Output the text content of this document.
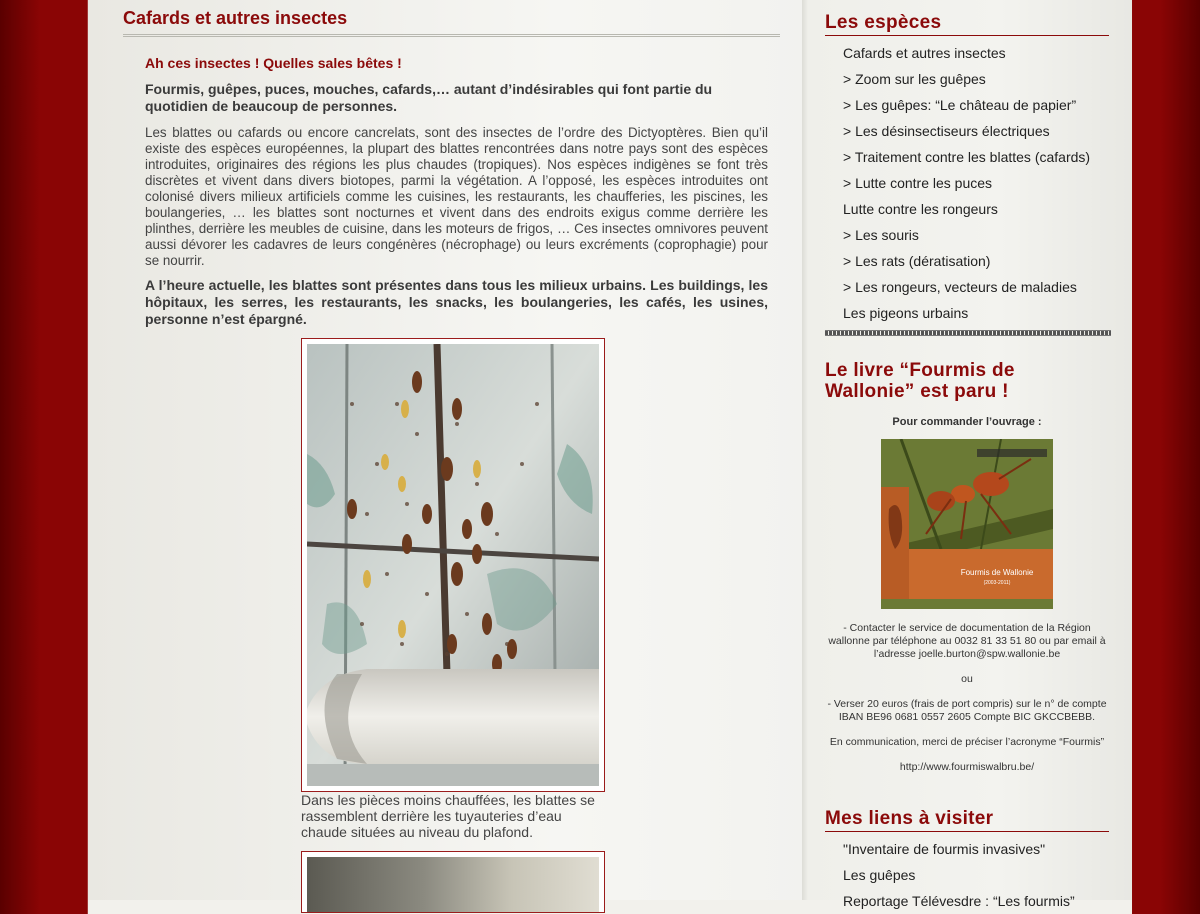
Cafards et autres insectes

Ah ces insectes ! Quelles sales bêtes !

Fourmis, guêpes, puces, mouches, cafards,… autant d’indésirables qui font partie du quotidien de beaucoup de personnes.

Les blattes ou cafards ou encore cancrelats, sont des insectes de l’ordre des Dictyoptères. Bien qu’il existe des espèces européennes, la plupart des blattes rencontrées dans notre pays sont des espèces introduites, originaires des régions les plus chaudes (tropiques). Nos espèces indigènes se font très discrètes et vivent dans divers biotopes, parmi la végétation. A l’opposé, les espèces introduites ont colonisé divers milieux artificiels comme les cuisines, les restaurants, les chaufferies, les piscines, les boulangeries, … les blattes sont nocturnes et vivent dans des endroits exigus comme derrière les plinthes, derrière les meubles de cuisine, dans les moteurs de frigos, … Ces insectes omnivores peuvent aussi dévorer les cadavres de leurs congénères (nécrophage) ou leurs excréments (coprophagie) pour se nourrir.

A l’heure actuelle, les blattes sont présentes dans tous les milieux urbains. Les buildings, les hôpitaux, les serres, les restaurants, les snacks, les boulangeries, les cafés, les usines, personne n’est épargné.

Dans les pièces moins chauffées, les blattes se rassemblent derrière les tuyauteries d’eau chaude situées au niveau du plafond.
Les espèces
Cafards et autres insectes
> Zoom sur les guêpes
> Les guêpes: “Le château de papier”
> Les désinsectiseurs électriques
> Traitement contre les blattes (cafards)
> Lutte contre les puces
Lutte contre les rongeurs
> Les souris
> Les rats (dératisation)
> Les rongeurs, vecteurs de maladies
Les pigeons urbains
Le livre “Fourmis de Wallonie” est paru !
Pour commander l’ouvrage :
Fourmis de Wallonie
(2003-2011)
- Contacter le service de documentation de la Région wallonne par téléphone au 0032 81 33 51 80 ou par email à l’adresse joelle.burton@spw.wallonie.be
ou
- Verser 20 euros (frais de port compris) sur le n° de compte IBAN BE96 0681 0557 2605 Compte BIC GKCCBEBB.
En communication, merci de préciser l’acronyme “Fourmis”
http://www.fourmiswalbru.be/
Mes liens à visiter
"Inventaire de fourmis invasives"
Les guêpes
Reportage Télévesdre : “Les fourmis”
